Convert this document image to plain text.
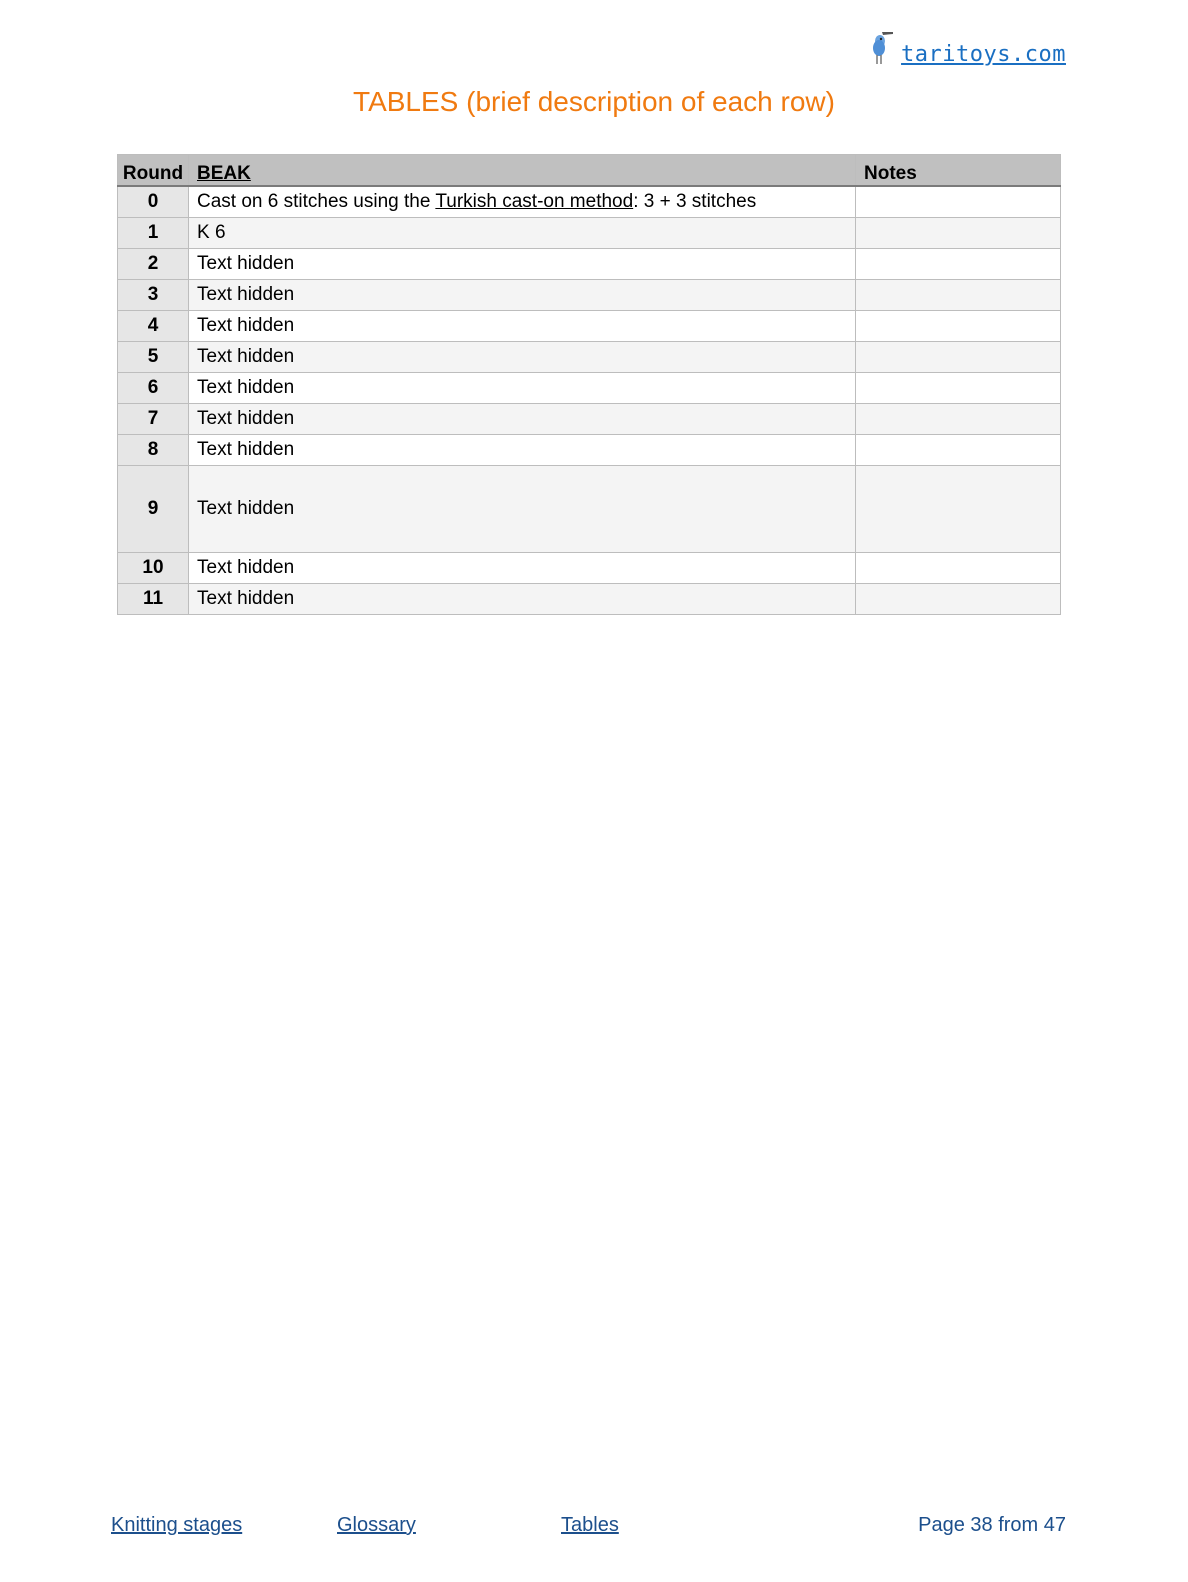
taritoys.com
TABLES (brief description of each row)
Round	BEAK	Notes
0	Cast on 6 stitches using the Turkish cast-on method: 3 + 3 stitches	
1	K 6	
2	Text hidden	
3	Text hidden	
4	Text hidden	
5	Text hidden	
6	Text hidden	
7	Text hidden	
8	Text hidden	
9	Text hidden	
10	Text hidden	
11	Text hidden	
Knitting stages	Glossary	Tables	Page 38 from 47
